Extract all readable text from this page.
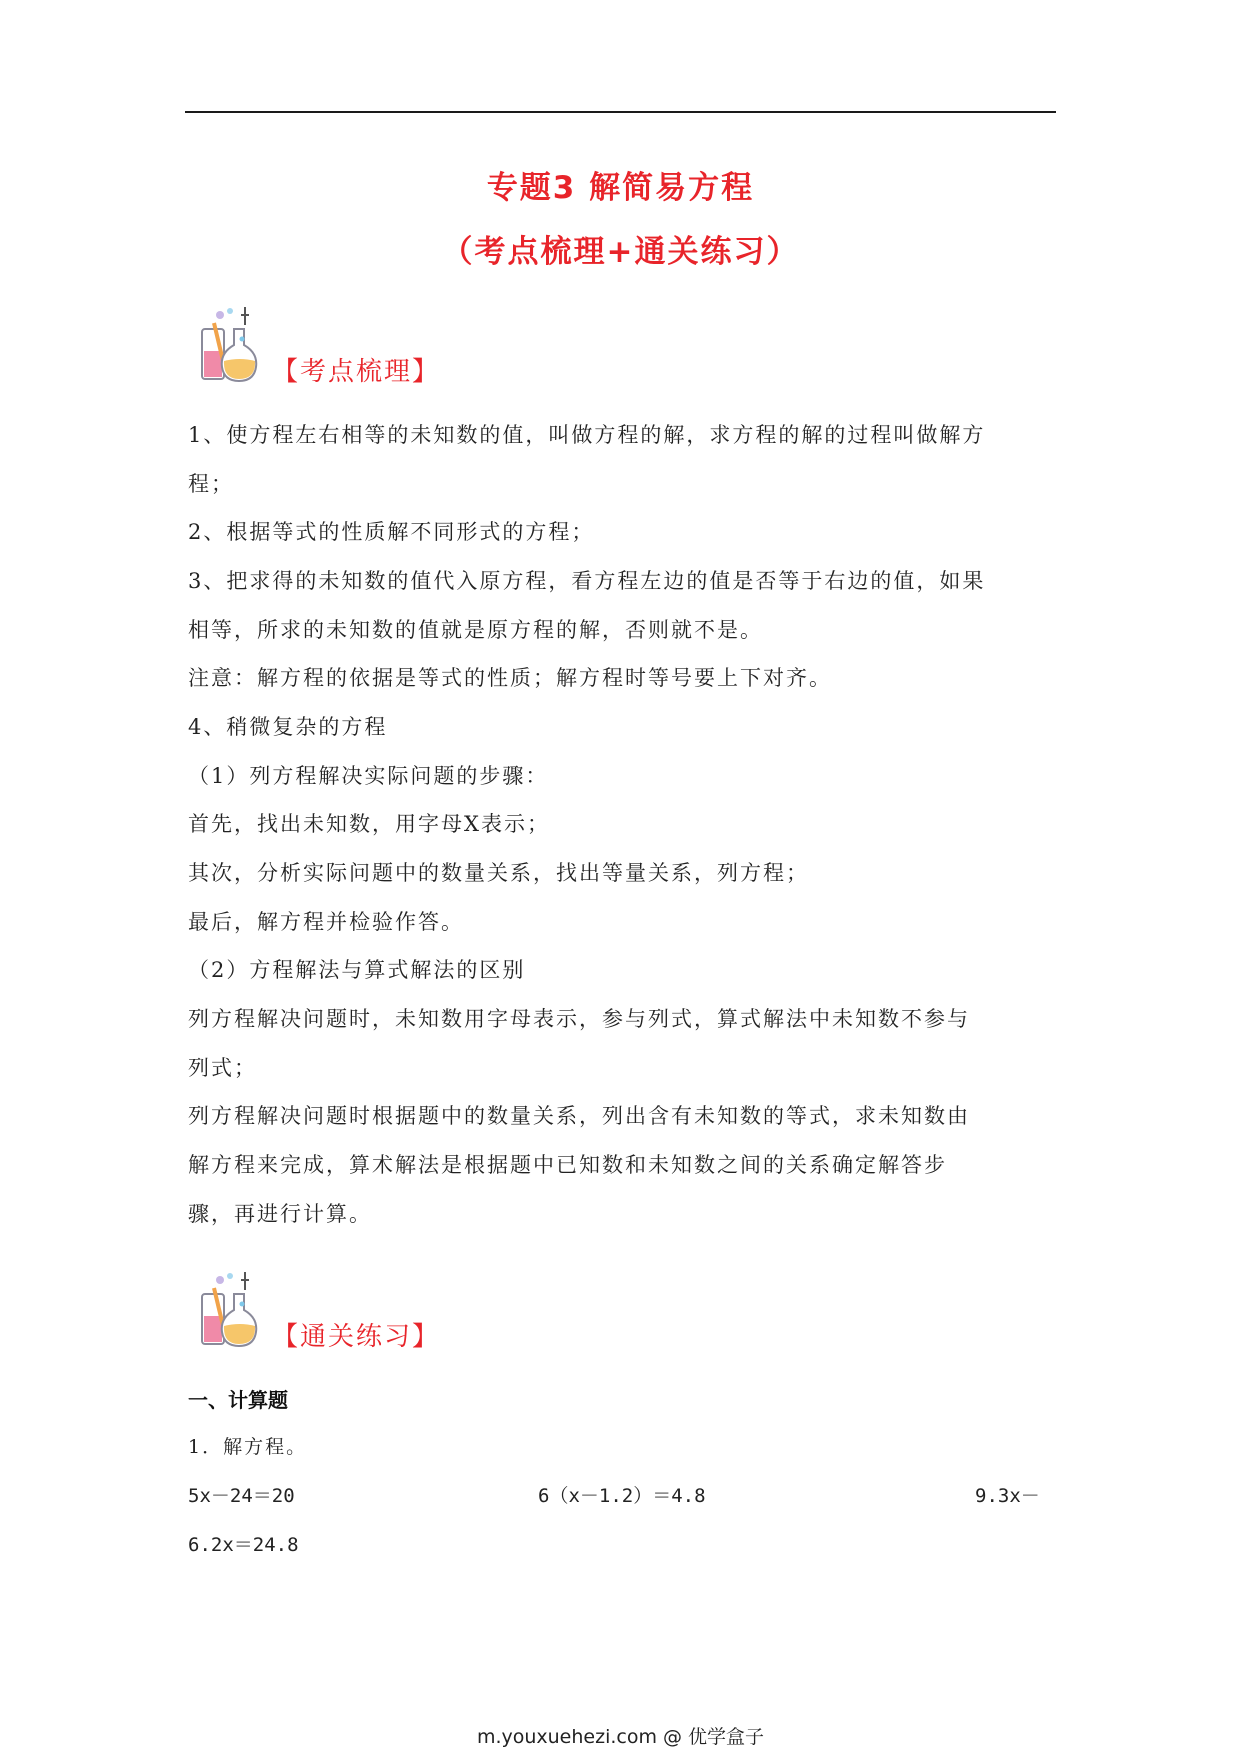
专题3 解简易方程
（考点梳理+通关练习）
【考点梳理】
1、使方程左右相等的未知数的值，叫做方程的解，求方程的解的过程叫做解方
程；
2、根据等式的性质解不同形式的方程；
3、把求得的未知数的值代入原方程，看方程左边的值是否等于右边的值，如果
相等，所求的未知数的值就是原方程的解，否则就不是。
注意：解方程的依据是等式的性质；解方程时等号要上下对齐。
4、稍微复杂的方程
（1）列方程解决实际问题的步骤：
首先，找出未知数，用字母X表示；
其次，分析实际问题中的数量关系，找出等量关系，列方程；
最后，解方程并检验作答。
（2）方程解法与算式解法的区别
列方程解决问题时，未知数用字母表示，参与列式，算式解法中未知数不参与
列式；
列方程解决问题时根据题中的数量关系，列出含有未知数的等式，求未知数由
解方程来完成，算术解法是根据题中已知数和未知数之间的关系确定解答步
骤，再进行计算。
【通关练习】
一、计算题
1．解方程。
5x－24＝20	6（x－1.2）＝4.8	9.3x－
6.2x＝24.8
m.youxuehezi.com @ 优学盒子
